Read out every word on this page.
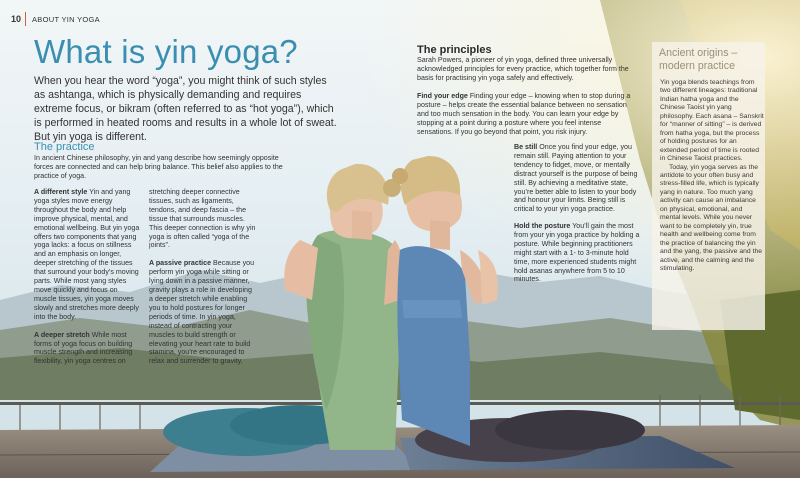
10 ABOUT YIN YOGA
What is yin yoga?
When you hear the word “yoga”, you might think of such styles as ashtanga, which is physically demanding and requires extreme focus, or bikram (often referred to as “hot yoga”), which is performed in heated rooms and results in a whole lot of sweat. But yin yoga is different.
The practice
In ancient Chinese philosophy, yin and yang describe how seemingly opposite forces are connected and can help bring balance. This belief also applies to the practice of yoga.

A different style Yin and yang yoga styles move energy throughout the body and help improve physical, mental, and emotional wellbeing. But yin yoga offers two components that yang yoga lacks: a focus on stillness and an emphasis on longer, deeper stretching of the tissues that surround your body’s moving parts. While most yang styles move quickly and focus on muscle tissues, yin yoga moves slowly and stretches more deeply into the body.

A deeper stretch While most forms of yoga focus on building muscle strength and increasing flexibility, yin yoga centres on

stretching deeper connective tissues, such as ligaments, tendons, and deep fascia – the tissue that surrounds muscles. This deeper connection is why yin yoga is often called “yoga of the joints”.

A passive practice Because you perform yin yoga while sitting or lying down in a passive manner, gravity plays a role in developing a deeper stretch while enabling you to hold postures for longer periods of time. In yin yoga, instead of contracting your muscles to build strength or elevating your heart rate to build stamina, you’re encouraged to relax and surrender to gravity.

The principles
Sarah Powers, a pioneer of yin yoga, defined three universally acknowledged principles for every practice, which together form the basis for practising yin yoga safely and effectively.
Find your edge Finding your edge – knowing when to stop during a posture – helps create the essential balance between no sensation and too much sensation in the body. You can learn your edge by stopping at a point during a posture where you feel intense sensations. If you go beyond that point, you risk injury.
Be still Once you find your edge, you remain still. Paying attention to your tendency to fidget, move, or mentally distract yourself is the purpose of being still. By achieving a meditative state, you’re better able to listen to your body and honour your limits. Being still is critical to your yin yoga practice.
Hold the posture You’ll gain the most from your yin yoga practice by holding a posture. While beginning practitioners might start with a 1- to 3-minute hold time, more experienced students might hold asanas anywhere from 5 to 10 minutes.
Ancient origins – modern practice
Yin yoga blends teachings from two different lineages: traditional Indian hatha yoga and the Chinese Taoist yin yang philosophy. Each asana – Sanskrit for “manner of sitting” – is derived from hatha yoga, but the process of holding postures for an extended period of time is rooted in Chinese Taoist practices.
Today, yin yoga serves as the antidote to your often busy and stress-filled life, which is typically yang in nature. Too much yang activity can cause an imbalance on physical, emotional, and mental levels. While you never want to be completely yin, true health and wellbeing come from the practice of balancing the yin and the yang, the passive and the active, and the calming and the stimulating.
